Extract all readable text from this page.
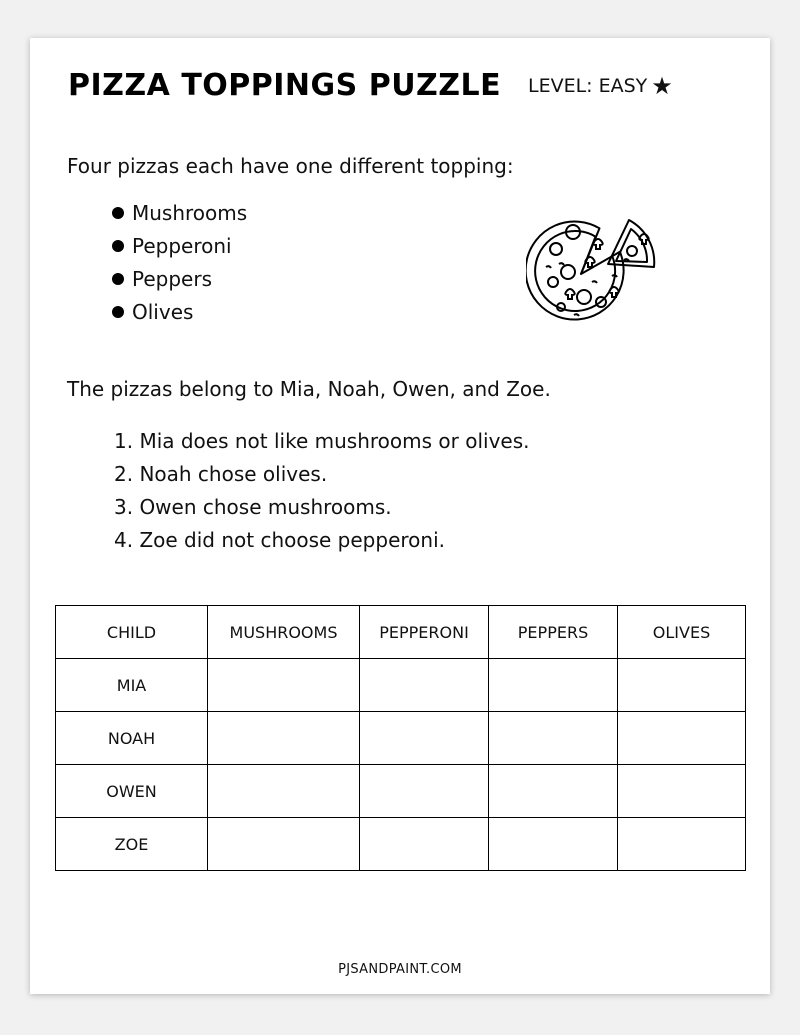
PIZZA TOPPINGS PUZZLE LEVEL: EASY ★

Four pizzas each have one different topping:

Mushrooms
Pepperoni
Peppers
Olives

The pizzas belong to Mia, Noah, Owen, and Zoe.

1. Mia does not like mushrooms or olives.
2. Noah chose olives.
3. Owen chose mushrooms.
4. Zoe did not choose pepperoni.
CHILD	MUSHROOMS	PEPPERONI	PEPPERS	OLIVES
MIA				
NOAH				
OWEN				
ZOE				
PJSANDPAINT.COM
